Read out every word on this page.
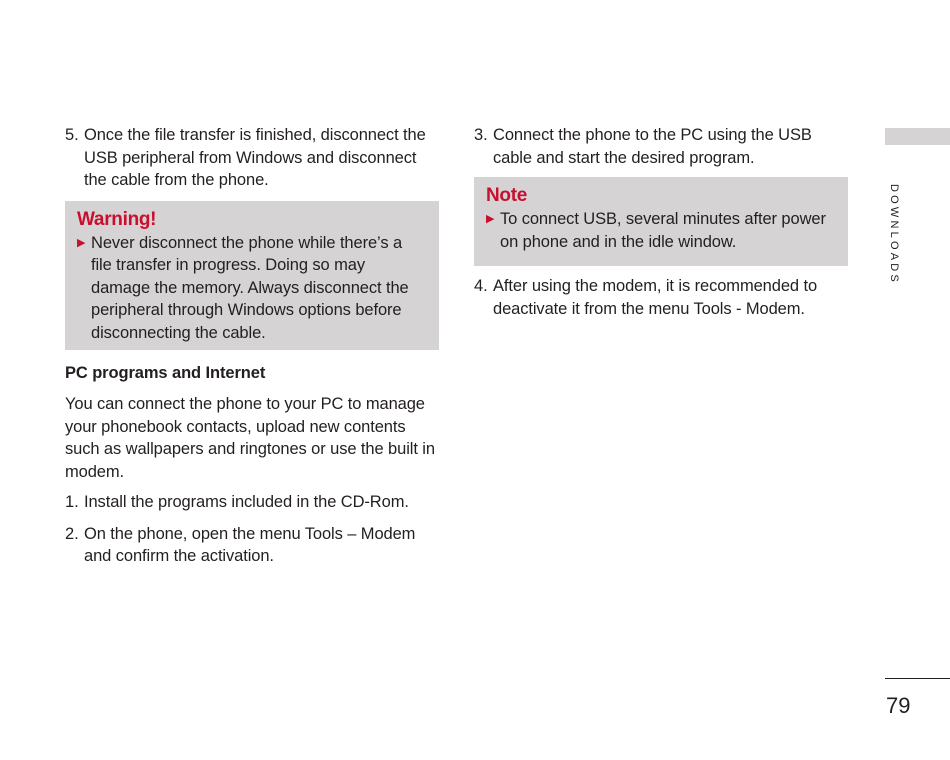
5. Once the file transfer is finished, disconnect the USB peripheral from Windows and disconnect the cable from the phone.
Warning!
▶ Never disconnect the phone while there’s a file transfer in progress. Doing so may damage the memory. Always disconnect the peripheral through Windows options before disconnecting the cable.
PC programs and Internet
You can connect the phone to your PC to manage your phonebook contacts, upload new contents such as wallpapers and ringtones or use the built in modem.
1. Install the programs included in the CD-Rom.
2. On the phone, open the menu Tools – Modem and confirm the activation.
3. Connect the phone to the PC using the USB cable and start the desired program.
Note
▶ To connect USB, several minutes after power on phone and in the idle window.
4. After using the modem, it is recommended to deactivate it from the menu Tools - Modem.
DOWNLOADS
79
